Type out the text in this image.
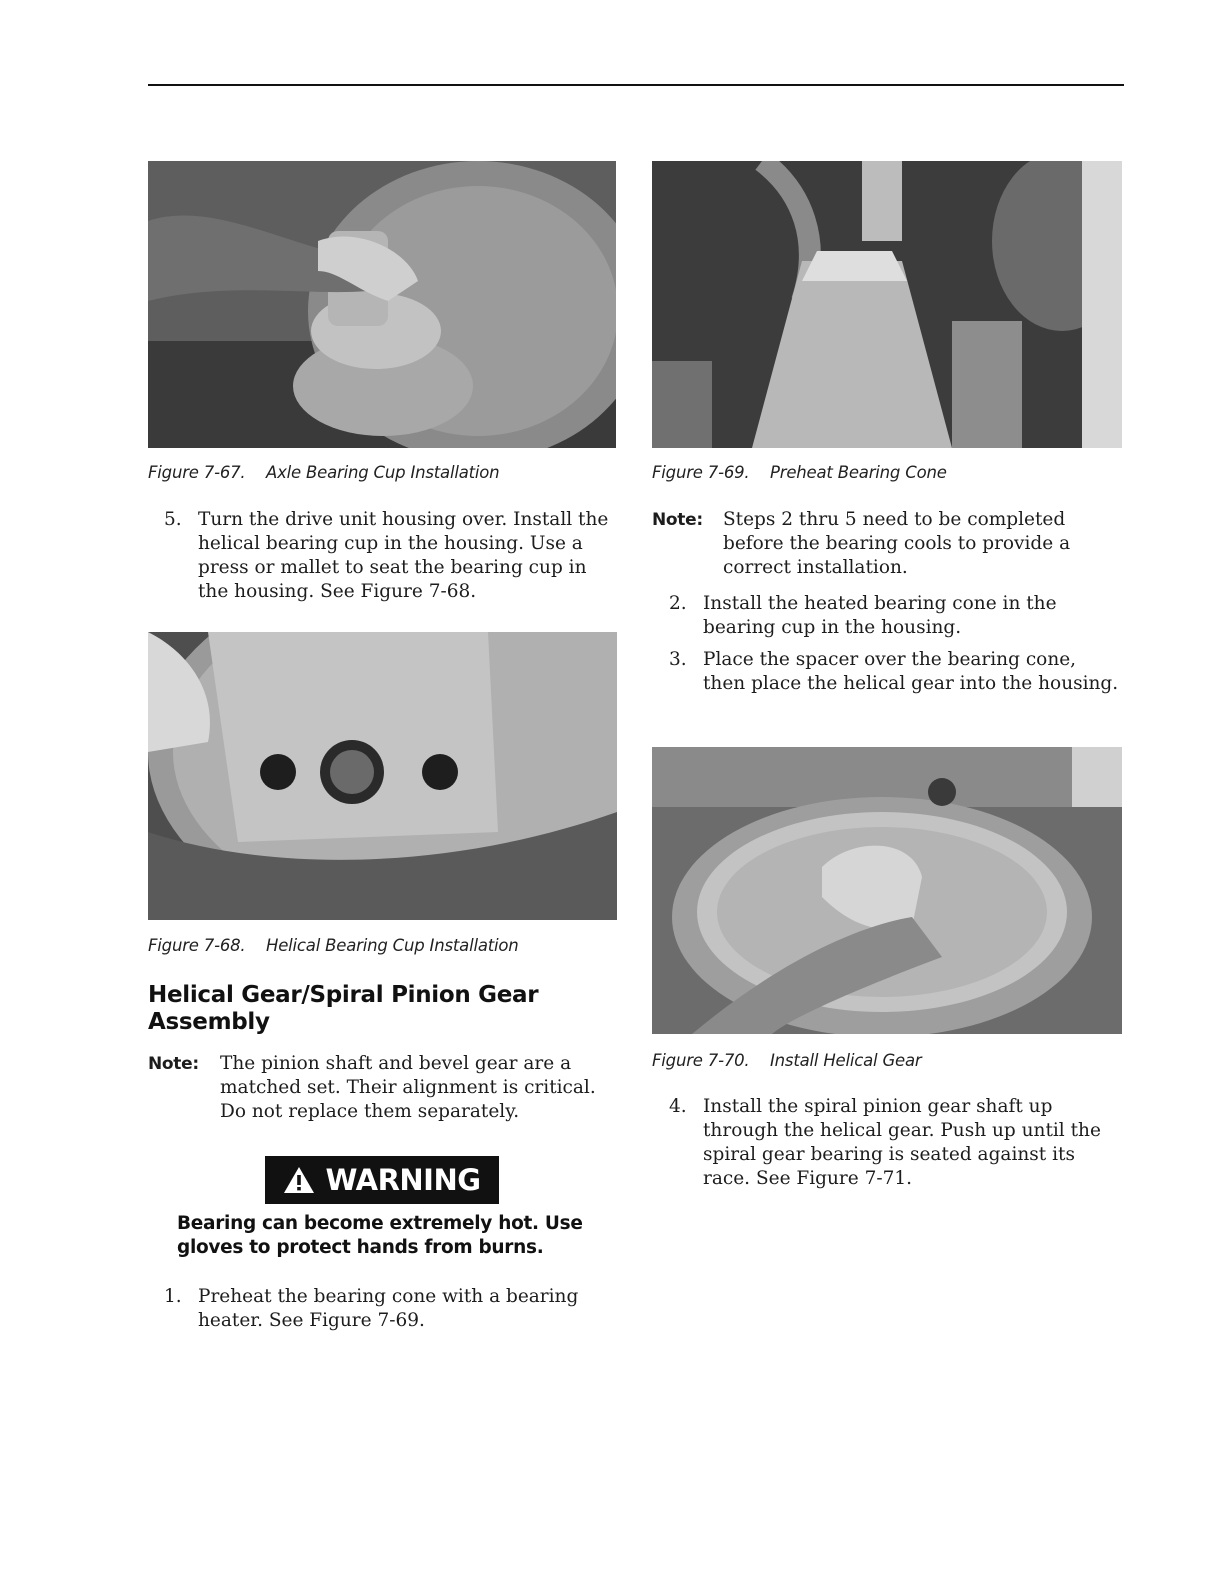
Figure 7-67. Axle Bearing Cup Installation
5. Turn the drive unit housing over. Install the helical bearing cup in the housing. Use a press or mallet to seat the bearing cup in the housing. See Figure 7-68.
Figure 7-68. Helical Bearing Cup Installation
Helical Gear/Spiral Pinion Gear Assembly
Note: The pinion shaft and bevel gear are a matched set. Their alignment is critical. Do not replace them separately.
WARNING
Bearing can become extremely hot. Use gloves to protect hands from burns.
1. Preheat the bearing cone with a bearing heater. See Figure 7-69.
Figure 7-69. Preheat Bearing Cone
Note: Steps 2 thru 5 need to be completed before the bearing cools to provide a correct installation.
2. Install the heated bearing cone in the bearing cup in the housing.
3. Place the spacer over the bearing cone, then place the helical gear into the housing.
Figure 7-70. Install Helical Gear
4. Install the spiral pinion gear shaft up through the helical gear. Push up until the spiral gear bearing is seated against its race. See Figure 7-71.
